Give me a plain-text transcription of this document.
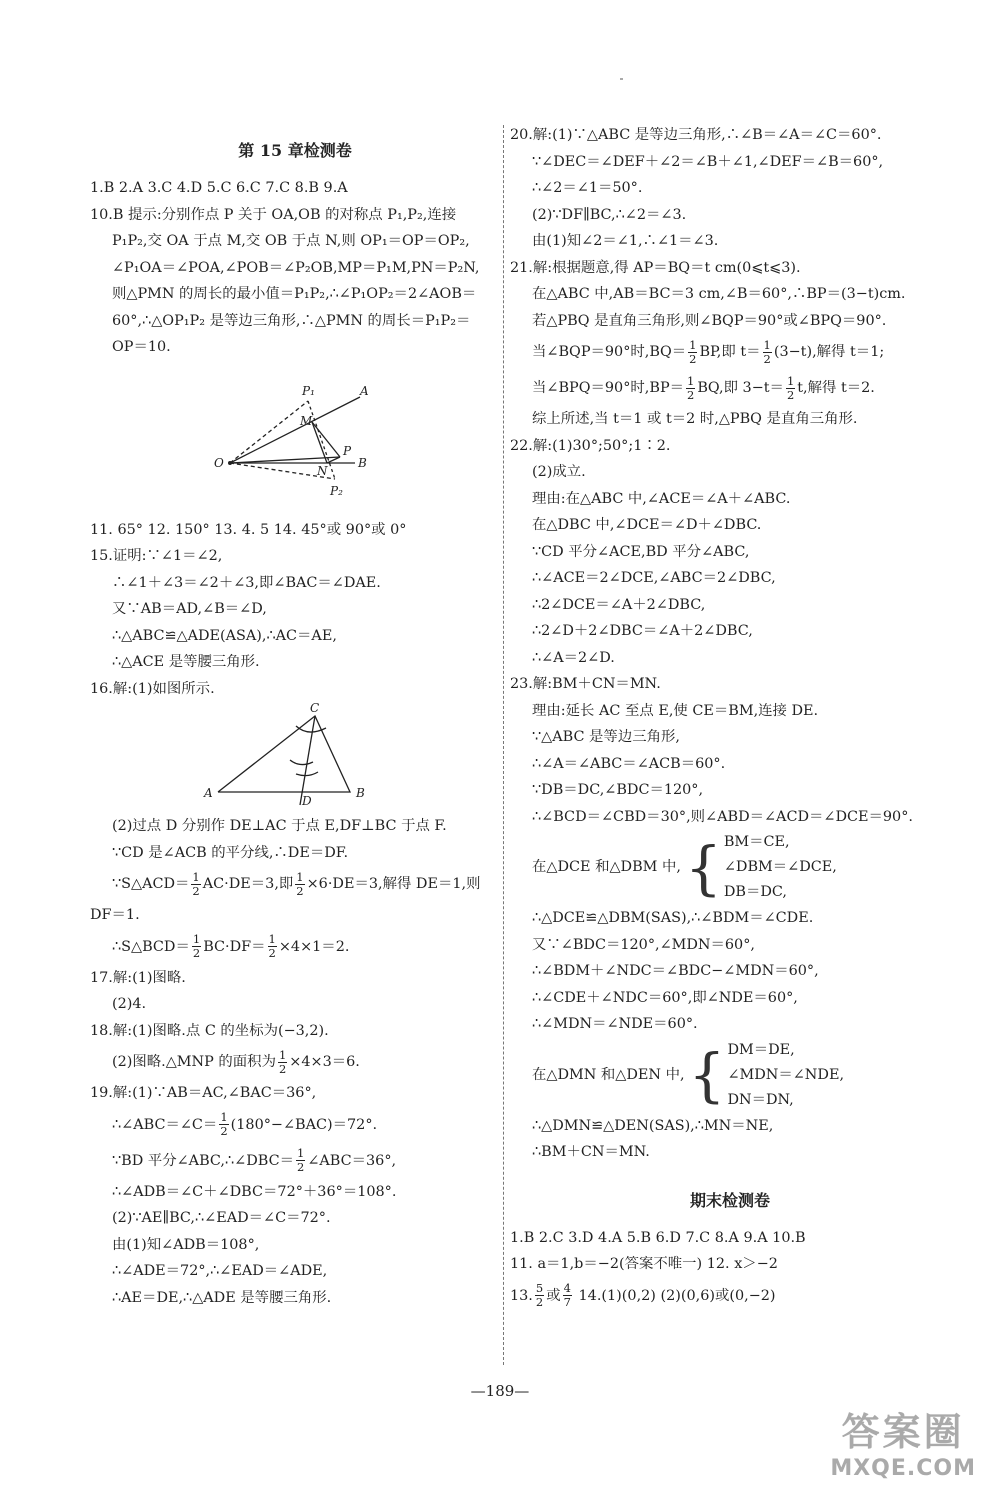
第 15 章检测卷
1.B 2.A 3.C 4.D 5.C 6.C 7.C 8.B 9.A
10.B 提示:分别作点 P 关于 OA,OB 的对称点 P₁,P₂,连接
P₁P₂,交 OA 于点 M,交 OB 于点 N,则 OP₁＝OP＝OP₂,
∠P₁OA＝∠POA,∠POB＝∠P₂OB,MP＝P₁M,PN＝P₂N,
则△PMN 的周长的最小值＝P₁P₂,∴∠P₁OP₂＝2∠AOB＝
60°,∴△OP₁P₂ 是等边三角形,∴△PMN 的周长＝P₁P₂＝
OP＝10.
O
A
B
P
M
N
P₁
P₂
11. 65° 12. 150° 13. 4. 5 14. 45°或 90°或 0°
15.证明:∵∠1＝∠2,
∴∠1＋∠3＝∠2＋∠3,即∠BAC＝∠DAE.
又∵AB＝AD,∠B＝∠D,
∴△ABC≌△ADE(ASA),∴AC＝AE,
∴△ACE 是等腰三角形.
16.解:(1)如图所示.
A	B
C
D
(2)过点 D 分别作 DE⊥AC 于点 E,DF⊥BC 于点 F.
∵CD 是∠ACB 的平分线,∴DE＝DF.
∵S△ACD＝ $\frac{1}{2} AC\cdot DE=3$,即 $\frac{1}{2} \times 6\cdot DE=3$,解得 DE＝1,则
DF＝1.
∴S△BCD＝ $\frac{1}{2} BC\cdot DF= \frac{1}{2} \times 4\times 1=2$.
17.解:(1)图略.
(2)4.
18.解:(1)图略.点 C 的坐标为(−3,2).
(2)图略.△MNP 的面积为 $\frac{1}{2} \times 4\times 3=6$.
19.解:(1)∵AB＝AC,∠BAC＝36°,
∴∠ABC＝∠C＝ $\frac{1}{2}$ (180°−∠BAC)＝72°.
∵BD 平分∠ABC,∴∠DBC＝ $\frac{1}{2}$ ∠ABC＝36°,
∴∠ADB＝∠C＋∠DBC＝72°＋36°＝108°.
(2)∵AE∥BC,∴∠EAD＝∠C＝72°.
由(1)知∠ADB＝108°,
∴∠ADE＝72°,∴∠EAD＝∠ADE,
∴AE＝DE,∴△ADE 是等腰三角形.
20.解:(1)∵△ABC 是等边三角形,∴∠B＝∠A＝∠C＝60°.
∵∠DEC＝∠DEF＋∠2＝∠B＋∠1,∠DEF＝∠B＝60°,
∴∠2＝∠1＝50°.
(2)∵DF∥BC,∴∠2＝∠3.
由(1)知∠2＝∠1,∴∠1＝∠3.
21.解:根据题意,得 AP＝BQ＝t cm(0⩽t⩽3).
在△ABC 中,AB＝BC＝3 cm,∠B＝60°,∴BP＝(3−t)cm.
若△PBQ 是直角三角形,则∠BQP＝90°或∠BPQ＝90°.
当∠BQP＝90°时$,BQ= \frac{1}{2}$ BP,即 $t= \frac{1}{2} (3-t)$,解得 t＝1;
当∠BPQ＝90°时$,BP= \frac{1}{2}$ BQ,即 $3-t= \frac{1}{2} t$,解得 t＝2.
综上所述,当 t＝1 或 t＝2 时,△PBQ 是直角三角形.
22.解:(1)30°;50°;1∶2.
(2)成立.
理由:在△ABC 中,∠ACE＝∠A＋∠ABC.
在△DBC 中,∠DCE＝∠D＋∠DBC.
∵CD 平分∠ACE,BD 平分∠ABC,
∴∠ACE＝2∠DCE,∠ABC＝2∠DBC,
∴2∠DCE＝∠A＋2∠DBC,
∴2∠D＋2∠DBC＝∠A＋2∠DBC,
∴∠A＝2∠D.
23.解:BM＋CN＝MN.
理由:延长 AC 至点 E,使 CE＝BM,连接 DE.
∵△ABC 是等边三角形,
∴∠A＝∠ABC＝∠ACB＝60°.
∵DB＝DC,∠BDC＝120°,
∴∠BCD＝∠CBD＝30°,则∠ABD＝∠ACD＝∠DCE＝90°.
在△DCE 和△DBM 中, { BM＝CE,
∠DBM＝∠DCE,
DB＝DC,
∴△DCE≌△DBM(SAS),∴∠BDM＝∠CDE.
又∵∠BDC＝120°,∠MDN＝60°,
∴∠BDM＋∠NDC＝∠BDC−∠MDN＝60°,
∴∠CDE＋∠NDC＝60°,即∠NDE＝60°,
∴∠MDN＝∠NDE＝60°.
在△DMN 和△DEN 中, { DM＝DE,
∠MDN＝∠NDE,
DN＝DN,
∴△DMN≌△DEN(SAS),∴MN＝NE,
∴BM＋CN＝MN.
期末检测卷
1.B 2.C 3.D 4.A 5.B 6.D 7.C 8.A 9.A 10.B
11. a＝1,b＝−2(答案不唯一) 12. x＞−2
13. $\frac{5}{2}$ 或 $\frac{4}{7} 14.(1)(0,2)$ (2)(0,6)或(0,−2)
—189—
答案圈
MXQE.COM
